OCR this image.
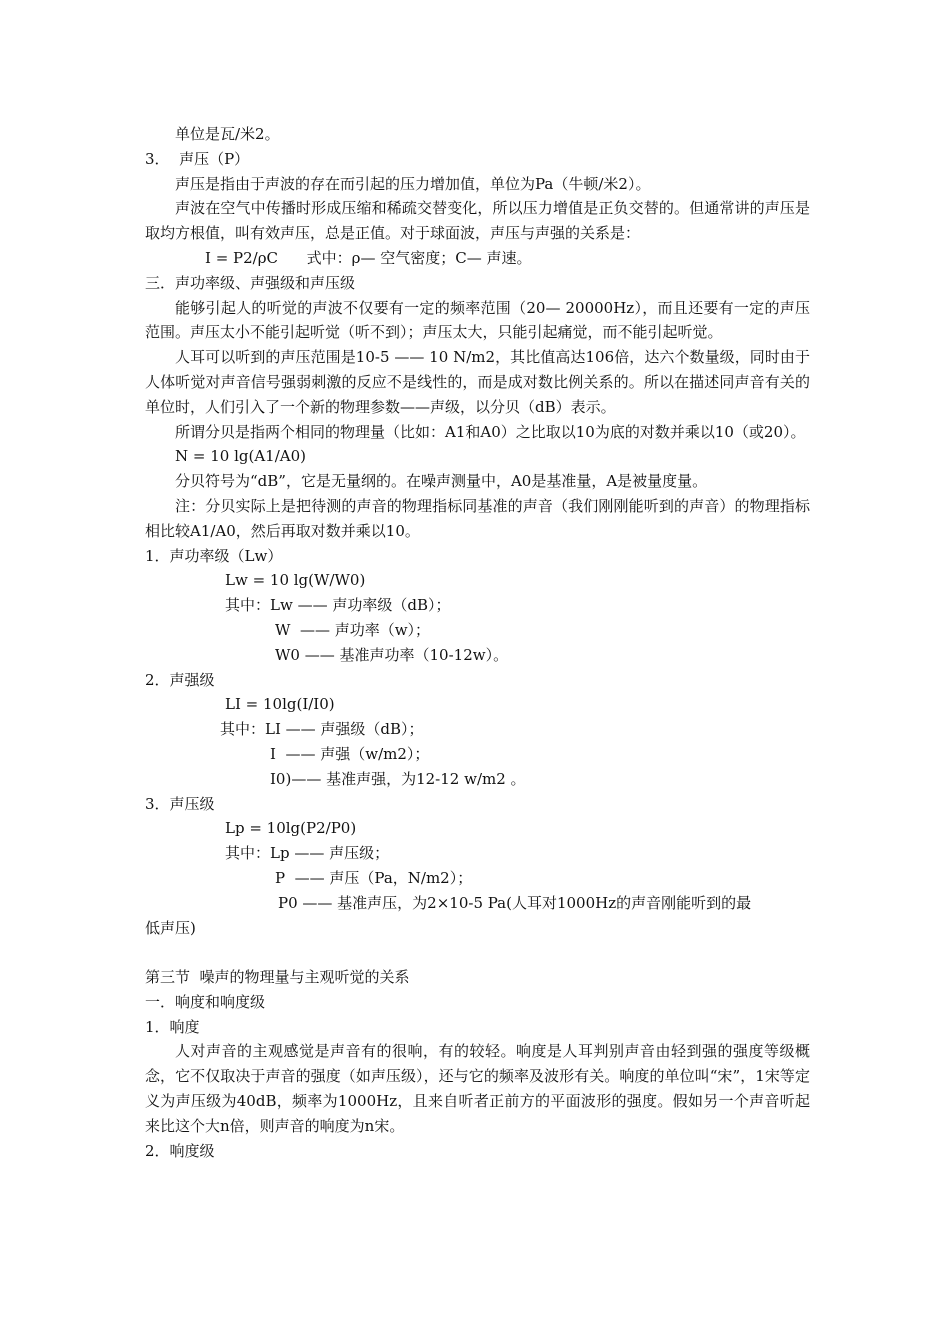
单位是瓦/米2。
3．  声压（P）
声压是指由于声波的存在而引起的压力增加值，单位为Pa（牛顿/米2）。
声波在空气中传播时形成压缩和稀疏交替变化，所以压力增值是正负交替的。但通常讲的声压是取均方根值，叫有效声压，总是正值。对于球面波，声压与声强的关系是：
I = P2/ρC      式中：ρ— 空气密度；C— 声速。
三．声功率级、声强级和声压级
能够引起人的听觉的声波不仅要有一定的频率范围（20— 20000Hz），而且还要有一定的声压范围。声压太小不能引起听觉（听不到）；声压太大，只能引起痛觉，而不能引起听觉。
人耳可以听到的声压范围是10-5 —— 10 N/m2，其比值高达106倍，达六个数量级，同时由于人体听觉对声音信号强弱刺激的反应不是线性的，而是成对数比例关系的。所以在描述同声音有关的单位时，人们引入了一个新的物理参数——声级，以分贝（dB）表示。
所谓分贝是指两个相同的物理量（比如：A1和A0）之比取以10为底的对数并乘以10（或20）。
N = 10 lg(A1/A0)
分贝符号为“dB”，它是无量纲的。在噪声测量中，A0是基准量，A是被量度量。
注：分贝实际上是把待测的声音的物理指标同基准的声音（我们刚刚能听到的声音）的物理指标相比较A1/A0，然后再取对数并乘以10。
1．声功率级（Lw）
Lw = 10 lg(W/W0)
其中：Lw —— 声功率级（dB）；
W  —— 声功率（w）；
W0 —— 基准声功率（10-12w）。
2．声强级
LI = 10lg(I/I0)
其中：LI —— 声强级（dB）；
I  —— 声强（w/m2）；
I0)—— 基准声强，为12-12 w/m2 。
3．声压级
Lp = 10lg(P2/P0)
其中：Lp —— 声压级；
P  —— 声压（Pa，N/m2）；
P0 —— 基准声压，为2×10-5 Pa(人耳对1000Hz的声音刚能听到的最
低声压)
第三节  噪声的物理量与主观听觉的关系
一．响度和响度级
1．响度
人对声音的主观感觉是声音有的很响，有的较轻。响度是人耳判别声音由轻到强的强度等级概念，它不仅取决于声音的强度（如声压级），还与它的频率及波形有关。响度的单位叫“宋”，1宋等定义为声压级为40dB，频率为1000Hz，且来自听者正前方的平面波形的强度。假如另一个声音听起来比这个大n倍，则声音的响度为n宋。
2．响度级
